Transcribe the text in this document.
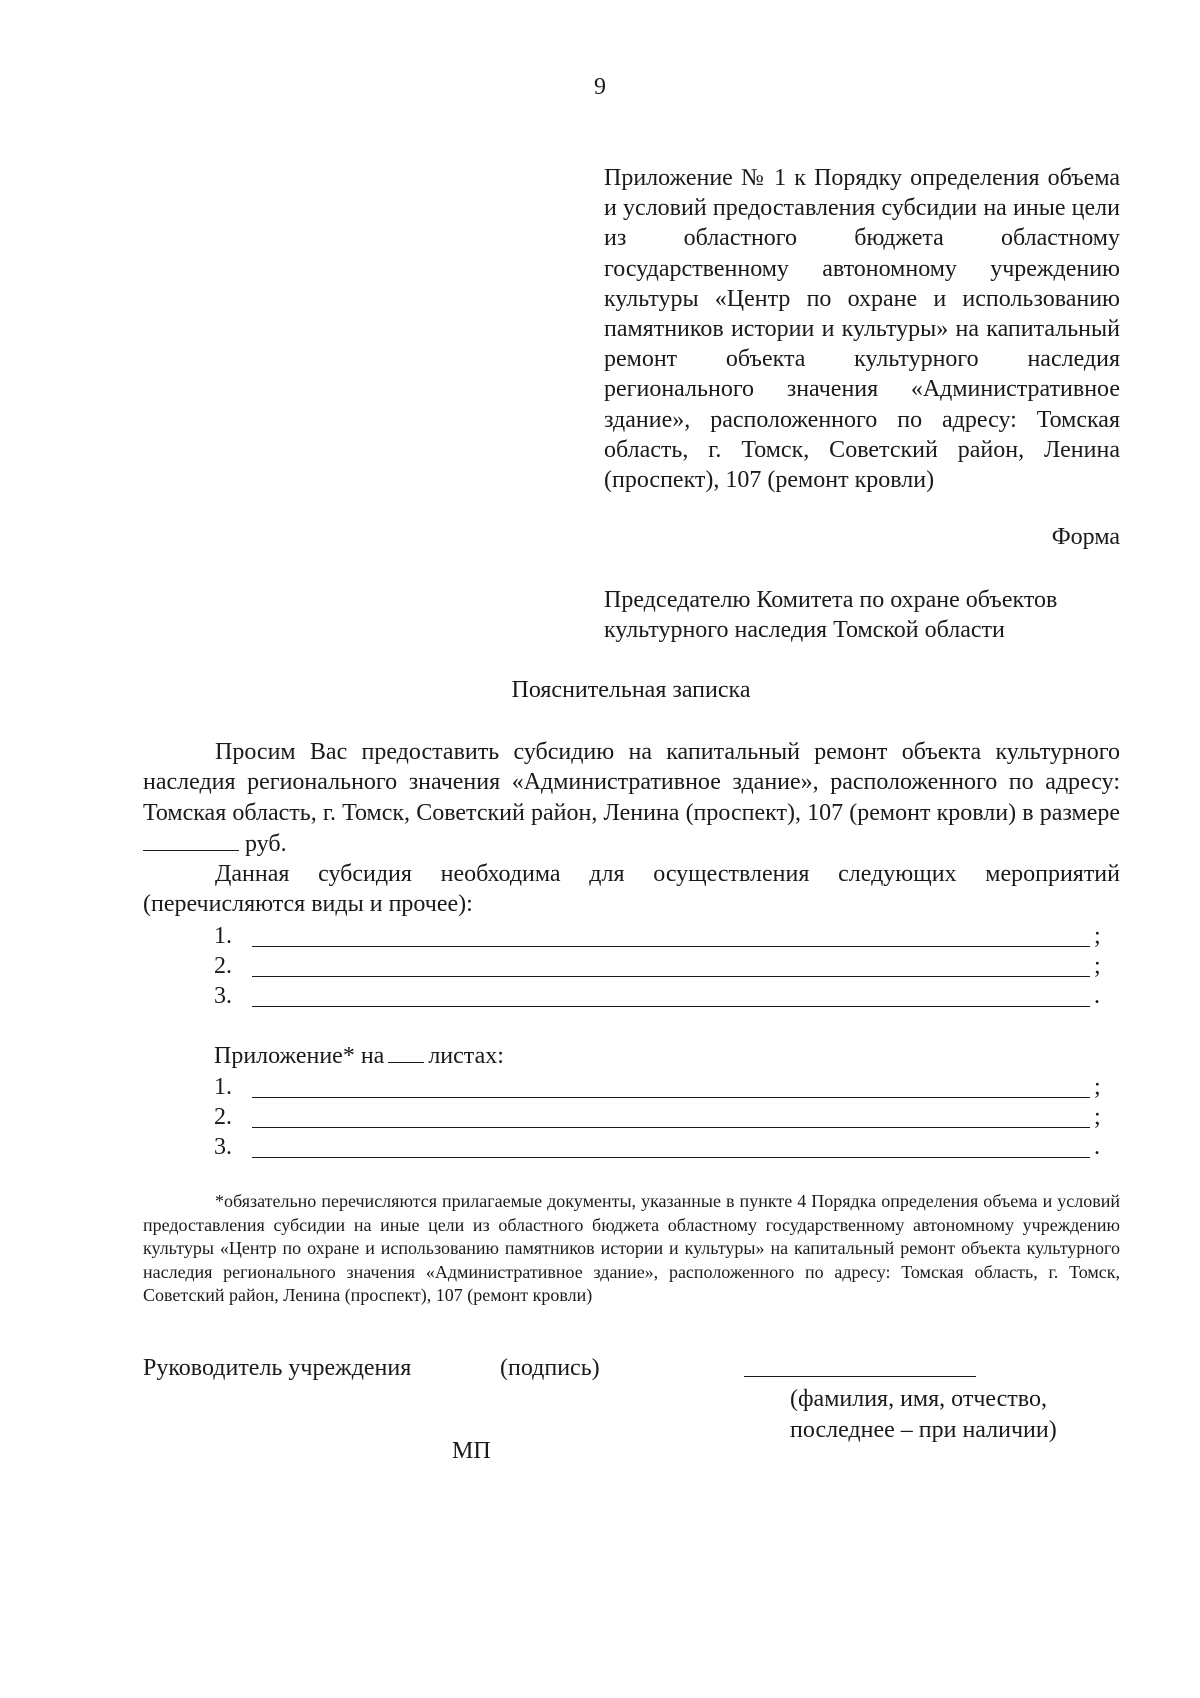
9
Приложение № 1 к Порядку определения объема и условий предоставления субсидии на иные цели из областного бюджета областному государственному автономному учреждению культуры «Центр по охране и использованию памятников истории и культуры» на капитальный ремонт объекта культурного наследия регионального значения «Административное здание», расположенного по адресу: Томская область, г. Томск, Советский район, Ленина (проспект), 107 (ремонт кровли)
Форма
Председателю Комитета по охране объектов
культурного наследия Томской области
Пояснительная записка

Просим Вас предоставить субсидию на капитальный ремонт объекта культурного наследия регионального значения «Административное здание», расположенного по адресу: Томская область, г. Томск, Советский район, Ленина (проспект), 107 (ремонт кровли) в размере  руб.

Данная субсидия необходима для осуществления следующих мероприятий (перечисляются виды и прочее):

1.	;
2.	;
3.	.
Приложение* на листах:
1.	;
2.	;
3.	.

*обязательно перечисляются прилагаемые документы, указанные в пункте 4 Порядка определения объема и условий предоставления субсидии на иные цели из областного бюджета областному государственному автономному учреждению культуры «Центр по охране и использованию памятников истории и культуры» на капитальный ремонт объекта культурного наследия регионального значения «Административное здание», расположенного по адресу: Томская область, г. Томск, Советский район, Ленина (проспект), 107 (ремонт кровли)

Руководитель учреждения	(подпись)
(фамилия, имя, отчество,
последнее – при наличии)
МП
